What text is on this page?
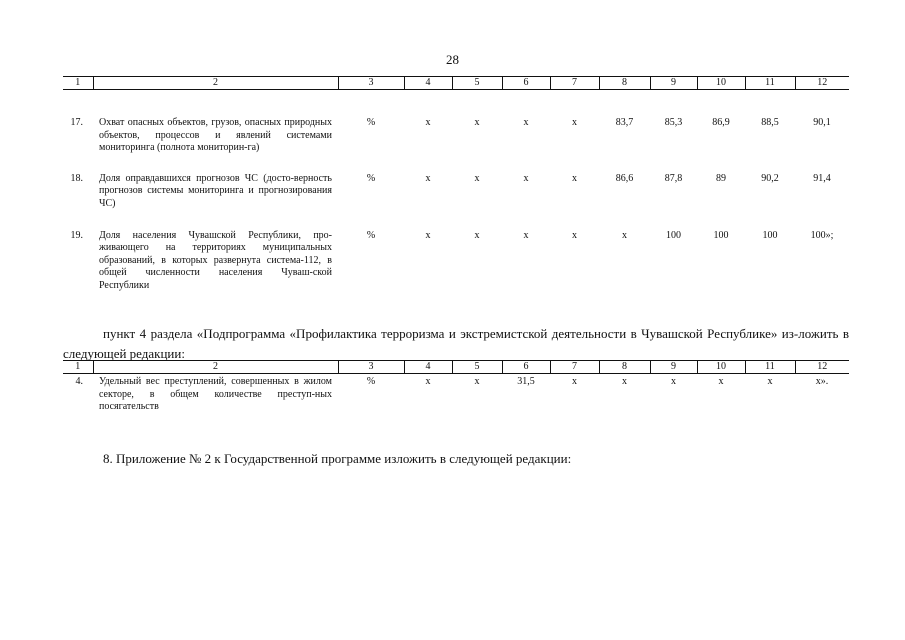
28
1	2	3	4	5	6	7	8	9	10	11	12
17.	Охват опасных объектов, грузов, опасных природных объектов, процессов и явлений системами мониторинга (полнота мониторин-га)	%	x	x	x	x	83,7	85,3	86,9	88,5	90,1
18.	Доля оправдавшихся прогнозов ЧС (досто-верность прогнозов системы мониторинга и прогнозирования ЧС)	%	x	x	x	x	86,6	87,8	89	90,2	91,4
19.	Доля населения Чувашской Республики, про-живающего на территориях муниципальных образований, в которых развернута система-112, в общей численности населения Чуваш-ской Республики	%	x	x	x	x	x	100	100	100	100»;

пункт 4 раздела «Подпрограмма «Профилактика терроризма и экстремистской деятельности в Чувашской Республике» из-ложить в следующей редакции:

1	2	3	4	5	6	7	8	9	10	11	12
4.	Удельный вес преступлений, совершенных в жилом секторе, в общем количестве преступ-ных посягательств	%	x	x	31,5	x	x	x	x	x	x».

8. Приложение № 2 к Государственной программе изложить в следующей редакции:
